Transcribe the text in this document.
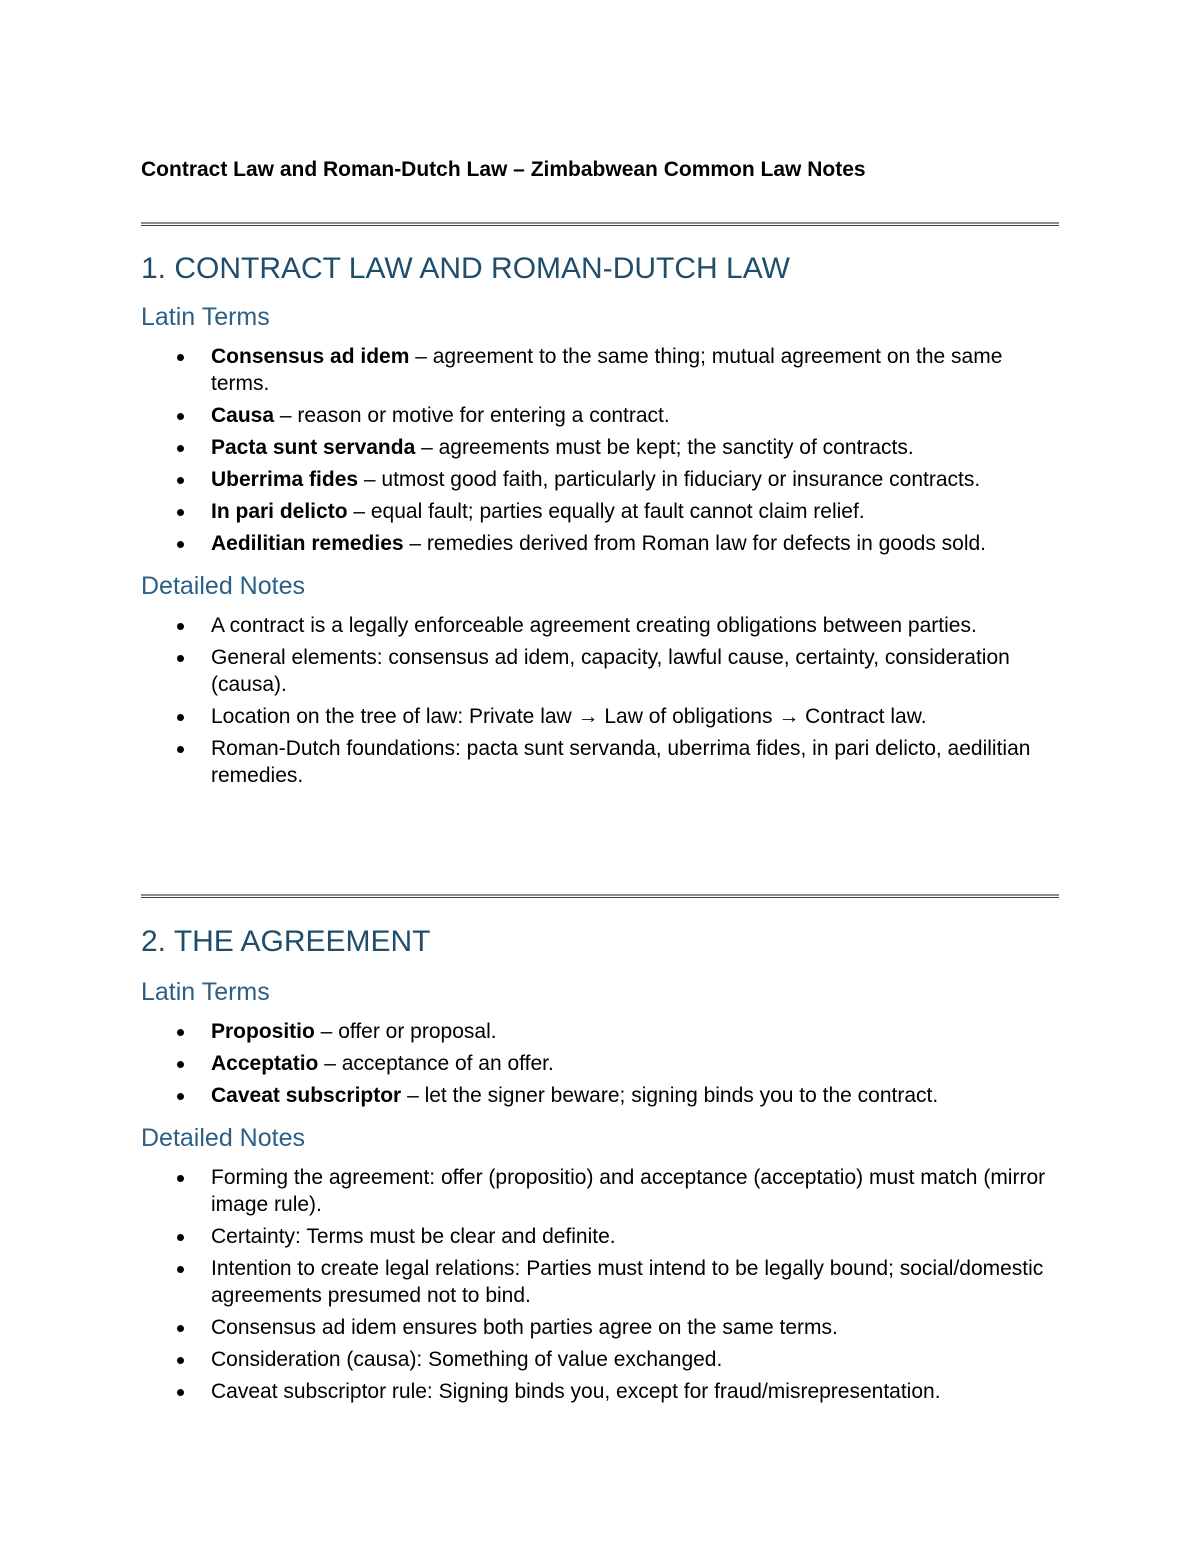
Contract Law and Roman-Dutch Law – Zimbabwean Common Law Notes
1. CONTRACT LAW AND ROMAN-DUTCH LAW
Latin Terms
Consensus ad idem – agreement to the same thing; mutual agreement on the same terms.
Causa – reason or motive for entering a contract.
Pacta sunt servanda – agreements must be kept; the sanctity of contracts.
Uberrima fides – utmost good faith, particularly in fiduciary or insurance contracts.
In pari delicto – equal fault; parties equally at fault cannot claim relief.
Aedilitian remedies – remedies derived from Roman law for defects in goods sold.
Detailed Notes
A contract is a legally enforceable agreement creating obligations between parties.
General elements: consensus ad idem, capacity, lawful cause, certainty, consideration (causa).
Location on the tree of law: Private law → Law of obligations → Contract law.
Roman-Dutch foundations: pacta sunt servanda, uberrima fides, in pari delicto, aedilitian remedies.
2. THE AGREEMENT
Latin Terms
Propositio – offer or proposal.
Acceptatio – acceptance of an offer.
Caveat subscriptor – let the signer beware; signing binds you to the contract.
Detailed Notes
Forming the agreement: offer (propositio) and acceptance (acceptatio) must match (mirror image rule).
Certainty: Terms must be clear and definite.
Intention to create legal relations: Parties must intend to be legally bound; social/domestic agreements presumed not to bind.
Consensus ad idem ensures both parties agree on the same terms.
Consideration (causa): Something of value exchanged.
Caveat subscriptor rule: Signing binds you, except for fraud/misrepresentation.
